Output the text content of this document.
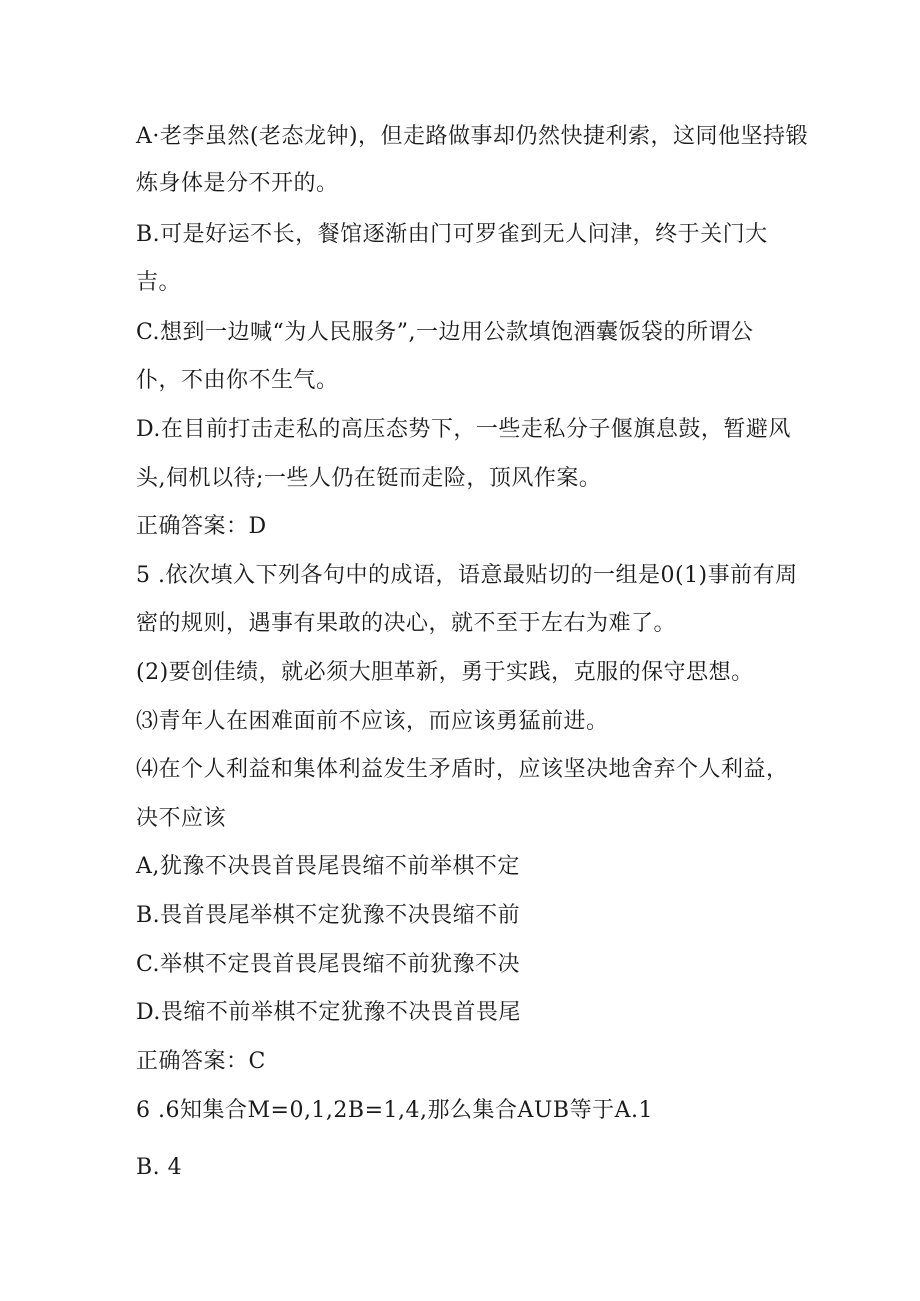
A·老李虽然(老态龙钟)，但走路做事却仍然快捷利索，这同他坚持锻
炼身体是分不开的。
B.可是好运不长，餐馆逐渐由门可罗雀到无人问津，终于关门大
吉。
C.想到一边喊“为人民服务”,一边用公款填饱酒囊饭袋的所谓公
仆，不由你不生气。
D.在目前打击走私的高压态势下，一些走私分子偃旗息鼓，暂避风
头,伺机以待;一些人仍在铤而走险，顶风作案。
正确答案：D
5 .依次填入下列各句中的成语，语意最贴切的一组是0(1)事前有周
密的规则，遇事有果敢的决心，就不至于左右为难了。
(2)要创佳绩，就必须大胆革新，勇于实践，克服的保守思想。
⑶青年人在困难面前不应该，而应该勇猛前进。
⑷在个人利益和集体利益发生矛盾时，应该坚决地舍弃个人利益，
决不应该
A,犹豫不决畏首畏尾畏缩不前举棋不定
B.畏首畏尾举棋不定犹豫不决畏缩不前
C.举棋不定畏首畏尾畏缩不前犹豫不决
D.畏缩不前举棋不定犹豫不决畏首畏尾
正确答案：C
6 .6知集合M=0,1,2B=1,4,那么集合AUB等于A.1
B. 4
